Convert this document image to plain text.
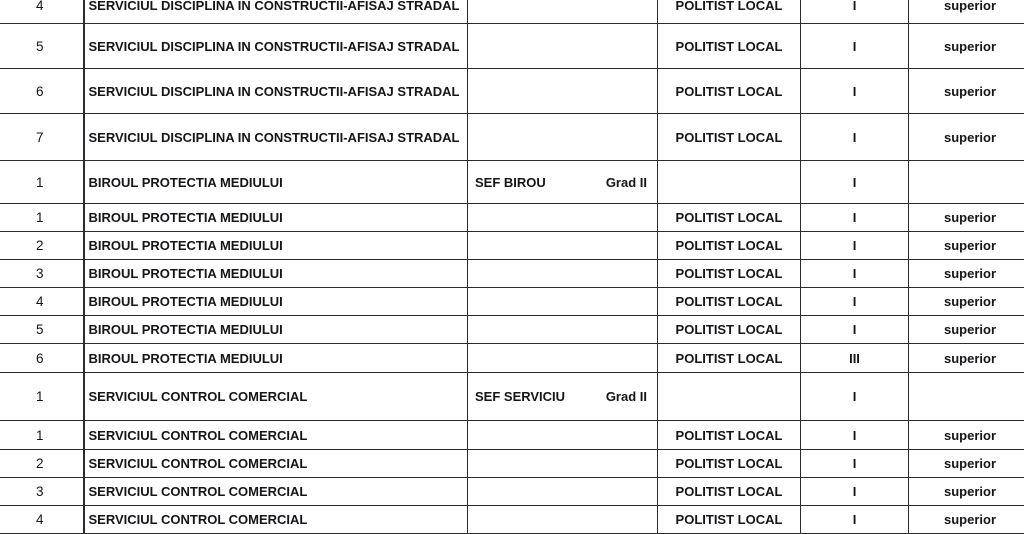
4	SERVICIUL DISCIPLINA IN CONSTRUCTII-AFISAJ STRADAL		POLITIST LOCAL	I	superior	
5	SERVICIUL DISCIPLINA IN CONSTRUCTII-AFISAJ STRADAL		POLITIST LOCAL	I	superior	
6	SERVICIUL DISCIPLINA IN CONSTRUCTII-AFISAJ STRADAL		POLITIST LOCAL	I	superior	
7	SERVICIUL DISCIPLINA IN CONSTRUCTII-AFISAJ STRADAL		POLITIST LOCAL	I	superior	
1	BIROUL PROTECTIA MEDIULUI	SEF BIROU Grad II		I		
1	BIROUL PROTECTIA MEDIULUI		POLITIST LOCAL	I	superior	
2	BIROUL PROTECTIA MEDIULUI		POLITIST LOCAL	I	superior	
3	BIROUL PROTECTIA MEDIULUI		POLITIST LOCAL	I	superior	
4	BIROUL PROTECTIA MEDIULUI		POLITIST LOCAL	I	superior	
5	BIROUL PROTECTIA MEDIULUI		POLITIST LOCAL	I	superior	
6	BIROUL PROTECTIA MEDIULUI		POLITIST LOCAL	III	superior	
1	SERVICIUL CONTROL COMERCIAL	SEF SERVICIU Grad II		I		
1	SERVICIUL CONTROL COMERCIAL		POLITIST LOCAL	I	superior	
2	SERVICIUL CONTROL COMERCIAL		POLITIST LOCAL	I	superior	
3	SERVICIUL CONTROL COMERCIAL		POLITIST LOCAL	I	superior	
4	SERVICIUL CONTROL COMERCIAL		POLITIST LOCAL	I	superior	
